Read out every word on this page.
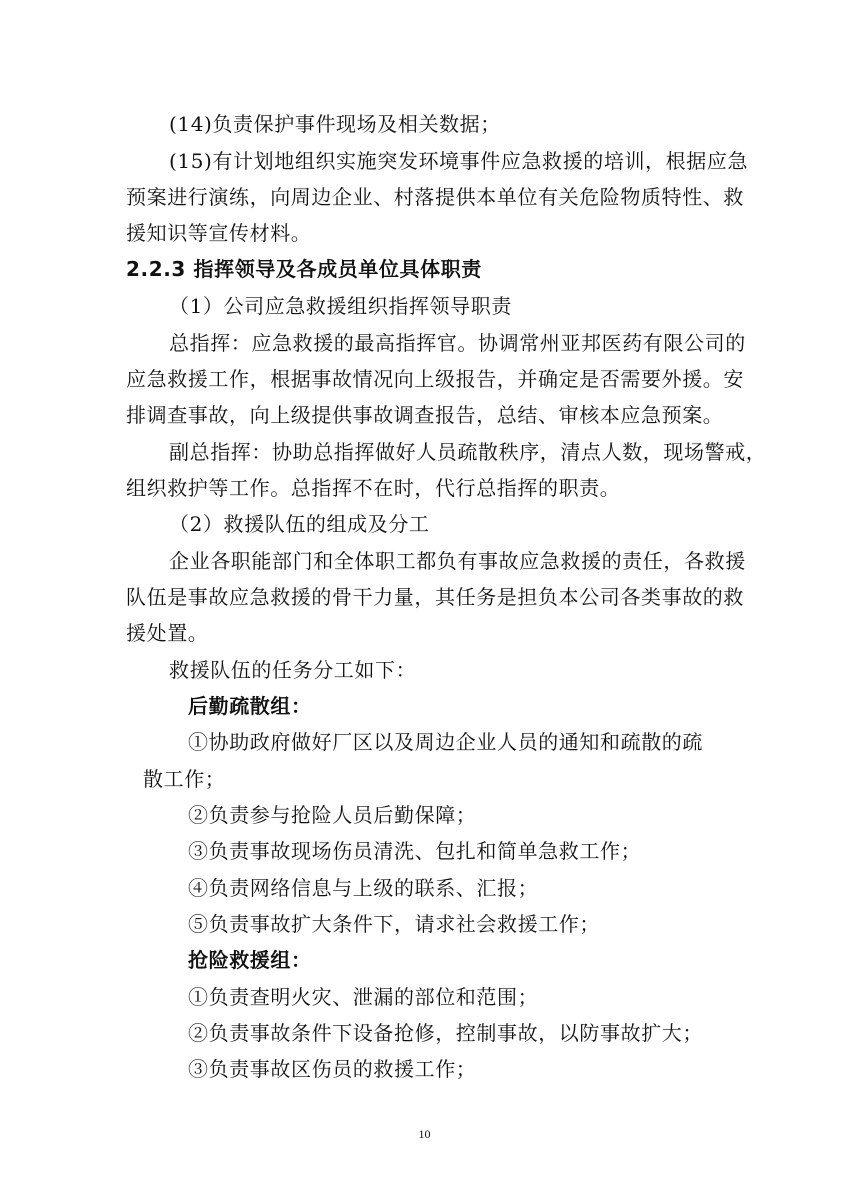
(14)负责保护事件现场及相关数据；

(15)有计划地组织实施突发环境事件应急救援的培训，根据应急

预案进行演练，向周边企业、村落提供本单位有关危险物质特性、救

援知识等宣传材料。

2.2.3 指挥领导及各成员单位具体职责

（1）公司应急救援组织指挥领导职责

总指挥：应急救援的最高指挥官。协调常州亚邦医药有限公司的

应急救援工作，根据事故情况向上级报告，并确定是否需要外援。安

排调查事故，向上级提供事故调查报告，总结、审核本应急预案。

副总指挥：协助总指挥做好人员疏散秩序，清点人数，现场警戒，

组织救护等工作。总指挥不在时，代行总指挥的职责。

（2）救援队伍的组成及分工

企业各职能部门和全体职工都负有事故应急救援的责任，各救援

队伍是事故应急救援的骨干力量，其任务是担负本公司各类事故的救

援处置。

救援队伍的任务分工如下：

后勤疏散组：

①协助政府做好厂区以及周边企业人员的通知和疏散的疏

散工作；

②负责参与抢险人员后勤保障；

③负责事故现场伤员清洗、包扎和简单急救工作；

④负责网络信息与上级的联系、汇报；

⑤负责事故扩大条件下，请求社会救援工作；

抢险救援组：

①负责查明火灾、泄漏的部位和范围；

②负责事故条件下设备抢修，控制事故，以防事故扩大；

③负责事故区伤员的救援工作；

10
